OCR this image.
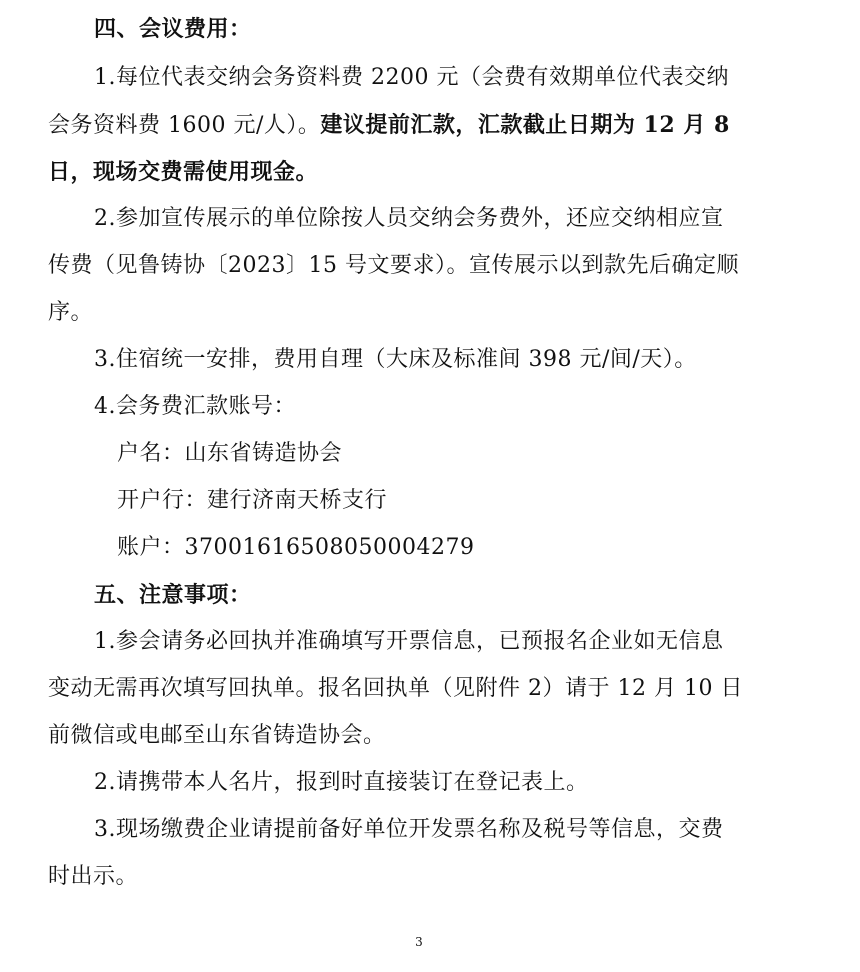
四、会议费用：
1.每位代表交纳会务资料费 2200 元（会费有效期单位代表交纳
会务资料费 1600 元/人）。建议提前汇款，汇款截止日期为 12 月 8
日，现场交费需使用现金。
2.参加宣传展示的单位除按人员交纳会务费外，还应交纳相应宣
传费（见鲁铸协〔2023〕15 号文要求）。宣传展示以到款先后确定顺
序。
3.住宿统一安排，费用自理（大床及标准间 398 元/间/天）。
4.会务费汇款账号：
户名：山东省铸造协会
开户行：建行济南天桥支行
账户：37001616508050004279
五、注意事项：
1.参会请务必回执并准确填写开票信息，已预报名企业如无信息
变动无需再次填写回执单。报名回执单（见附件 2）请于 12 月 10 日
前微信或电邮至山东省铸造协会。
2.请携带本人名片，报到时直接装订在登记表上。
3.现场缴费企业请提前备好单位开发票名称及税号等信息，交费
时出示。
3
